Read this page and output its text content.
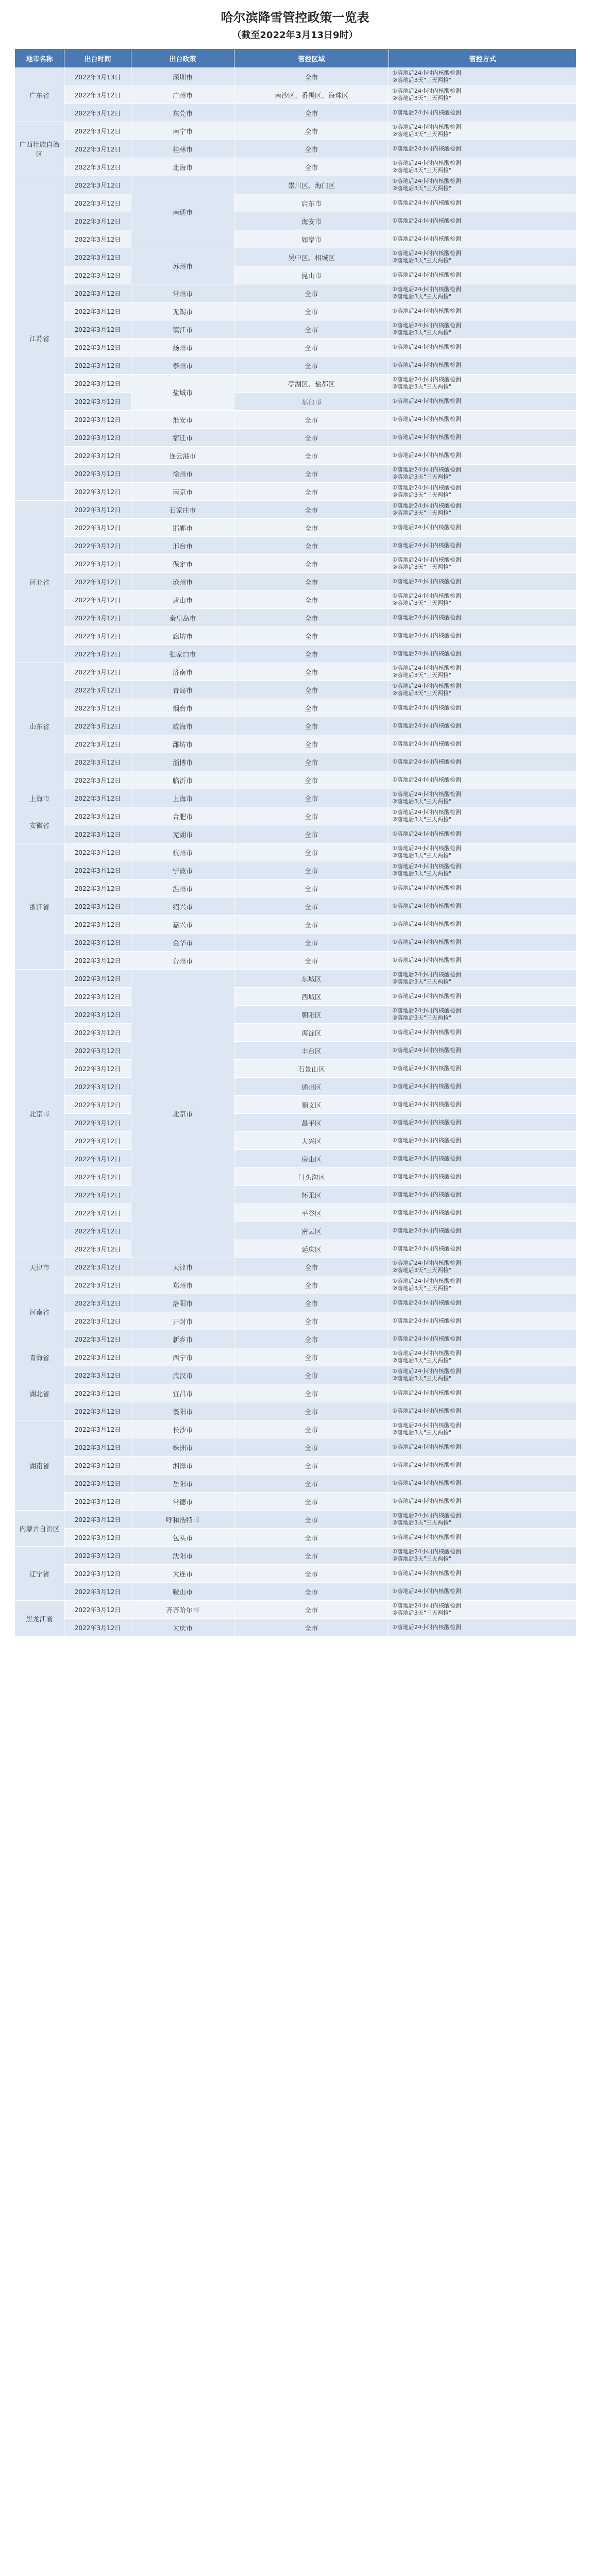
哈尔滨降雪管控政策一览表
（截至2022年3月13日9时）
地市名称	出台时间	出台政策	管控区域	管控方式
广东省	2022年3月13日	深圳市	全市	①落地后24小时内核酸检测
②落地后3天"三天两检"
	2022年3月12日	广州市	南沙区、番禺区、海珠区	①落地后24小时内核酸检测
②落地后3天"三天两检"
	2022年3月12日	东莞市	全市	①落地后24小时内核酸检测
广西壮族自治区	2022年3月12日	南宁市	全市	①落地后24小时内核酸检测
②落地后3天"三天两检"
	2022年3月12日	桂林市	全市	①落地后24小时内核酸检测
	2022年3月12日	北海市	全市	①落地后24小时内核酸检测
②落地后3天"三天两检"
江苏省	2022年3月12日	南通市	崇川区、海门区	①落地后24小时内核酸检测
②落地后3天"三天两检"
	2022年3月12日		启东市	①落地后24小时内核酸检测
	2022年3月12日		海安市	①落地后24小时内核酸检测
	2022年3月12日		如皋市	①落地后24小时内核酸检测
	2022年3月12日	苏州市	吴中区、相城区	①落地后24小时内核酸检测
②落地后3天"三天两检"
	2022年3月12日		昆山市	①落地后24小时内核酸检测
	2022年3月12日	常州市	全市	①落地后24小时内核酸检测
②落地后3天"三天两检"
	2022年3月12日	无锡市	全市	①落地后24小时内核酸检测
	2022年3月12日	镇江市	全市	①落地后24小时内核酸检测
②落地后3天"三天两检"
	2022年3月12日	扬州市	全市	①落地后24小时内核酸检测
	2022年3月12日	泰州市	全市	①落地后24小时内核酸检测
	2022年3月12日	盐城市	亭湖区、盐都区	①落地后24小时内核酸检测
②落地后3天"三天两检"
	2022年3月12日		东台市	①落地后24小时内核酸检测
	2022年3月12日	淮安市	全市	①落地后24小时内核酸检测
	2022年3月12日	宿迁市	全市	①落地后24小时内核酸检测
	2022年3月12日	连云港市	全市	①落地后24小时内核酸检测
	2022年3月12日	徐州市	全市	①落地后24小时内核酸检测
②落地后3天"三天两检"
	2022年3月12日	南京市	全市	①落地后24小时内核酸检测
②落地后3天"三天两检"
河北省	2022年3月12日	石家庄市	全市	①落地后24小时内核酸检测
②落地后3天"三天两检"
	2022年3月12日	邯郸市	全市	①落地后24小时内核酸检测
	2022年3月12日	邢台市	全市	①落地后24小时内核酸检测
	2022年3月12日	保定市	全市	①落地后24小时内核酸检测
②落地后3天"三天两检"
	2022年3月12日	沧州市	全市	①落地后24小时内核酸检测
	2022年3月12日	唐山市	全市	①落地后24小时内核酸检测
②落地后3天"三天两检"
	2022年3月12日	秦皇岛市	全市	①落地后24小时内核酸检测
	2022年3月12日	廊坊市	全市	①落地后24小时内核酸检测
	2022年3月12日	张家口市	全市	①落地后24小时内核酸检测
山东省	2022年3月12日	济南市	全市	①落地后24小时内核酸检测
②落地后3天"三天两检"
	2022年3月12日	青岛市	全市	①落地后24小时内核酸检测
②落地后3天"三天两检"
	2022年3月12日	烟台市	全市	①落地后24小时内核酸检测
	2022年3月12日	威海市	全市	①落地后24小时内核酸检测
	2022年3月12日	潍坊市	全市	①落地后24小时内核酸检测
	2022年3月12日	淄博市	全市	①落地后24小时内核酸检测
	2022年3月12日	临沂市	全市	①落地后24小时内核酸检测
上海市	2022年3月12日	上海市	全市	①落地后24小时内核酸检测
②落地后3天"三天两检"
安徽省	2022年3月12日	合肥市	全市	①落地后24小时内核酸检测
②落地后3天"三天两检"
	2022年3月12日	芜湖市	全市	①落地后24小时内核酸检测
浙江省	2022年3月12日	杭州市	全市	①落地后24小时内核酸检测
②落地后3天"三天两检"
	2022年3月12日	宁波市	全市	①落地后24小时内核酸检测
②落地后3天"三天两检"
	2022年3月12日	温州市	全市	①落地后24小时内核酸检测
	2022年3月12日	绍兴市	全市	①落地后24小时内核酸检测
	2022年3月12日	嘉兴市	全市	①落地后24小时内核酸检测
	2022年3月12日	金华市	全市	①落地后24小时内核酸检测
	2022年3月12日	台州市	全市	①落地后24小时内核酸检测
北京市	2022年3月12日	北京市	东城区	①落地后24小时内核酸检测
②落地后3天"三天两检"
	2022年3月12日		西城区	①落地后24小时内核酸检测
	2022年3月12日		朝阳区	①落地后24小时内核酸检测
②落地后3天"三天两检"
	2022年3月12日		海淀区	①落地后24小时内核酸检测
	2022年3月12日		丰台区	①落地后24小时内核酸检测
	2022年3月12日		石景山区	①落地后24小时内核酸检测
	2022年3月12日		通州区	①落地后24小时内核酸检测
	2022年3月12日		顺义区	①落地后24小时内核酸检测
	2022年3月12日		昌平区	①落地后24小时内核酸检测
	2022年3月12日		大兴区	①落地后24小时内核酸检测
	2022年3月12日		房山区	①落地后24小时内核酸检测
	2022年3月12日		门头沟区	①落地后24小时内核酸检测
	2022年3月12日		怀柔区	①落地后24小时内核酸检测
	2022年3月12日		平谷区	①落地后24小时内核酸检测
	2022年3月12日		密云区	①落地后24小时内核酸检测
	2022年3月12日		延庆区	①落地后24小时内核酸检测
天津市	2022年3月12日	天津市	全市	①落地后24小时内核酸检测
②落地后3天"三天两检"
河南省	2022年3月12日	郑州市	全市	①落地后24小时内核酸检测
②落地后3天"三天两检"
	2022年3月12日	洛阳市	全市	①落地后24小时内核酸检测
	2022年3月12日	开封市	全市	①落地后24小时内核酸检测
	2022年3月12日	新乡市	全市	①落地后24小时内核酸检测
青海省	2022年3月12日	西宁市	全市	①落地后24小时内核酸检测
②落地后3天"三天两检"
湖北省	2022年3月12日	武汉市	全市	①落地后24小时内核酸检测
②落地后3天"三天两检"
	2022年3月12日	宜昌市	全市	①落地后24小时内核酸检测
	2022年3月12日	襄阳市	全市	①落地后24小时内核酸检测
湖南省	2022年3月12日	长沙市	全市	①落地后24小时内核酸检测
②落地后3天"三天两检"
	2022年3月12日	株洲市	全市	①落地后24小时内核酸检测
	2022年3月12日	湘潭市	全市	①落地后24小时内核酸检测
	2022年3月12日	岳阳市	全市	①落地后24小时内核酸检测
	2022年3月12日	常德市	全市	①落地后24小时内核酸检测
内蒙古自治区	2022年3月12日	呼和浩特市	全市	①落地后24小时内核酸检测
②落地后3天"三天两检"
	2022年3月12日	包头市	全市	①落地后24小时内核酸检测
辽宁省	2022年3月12日	沈阳市	全市	①落地后24小时内核酸检测
②落地后3天"三天两检"
	2022年3月12日	大连市	全市	①落地后24小时内核酸检测
	2022年3月12日	鞍山市	全市	①落地后24小时内核酸检测
黑龙江省	2022年3月12日	齐齐哈尔市	全市	①落地后24小时内核酸检测
②落地后3天"三天两检"
	2022年3月12日	大庆市	全市	①落地后24小时内核酸检测
